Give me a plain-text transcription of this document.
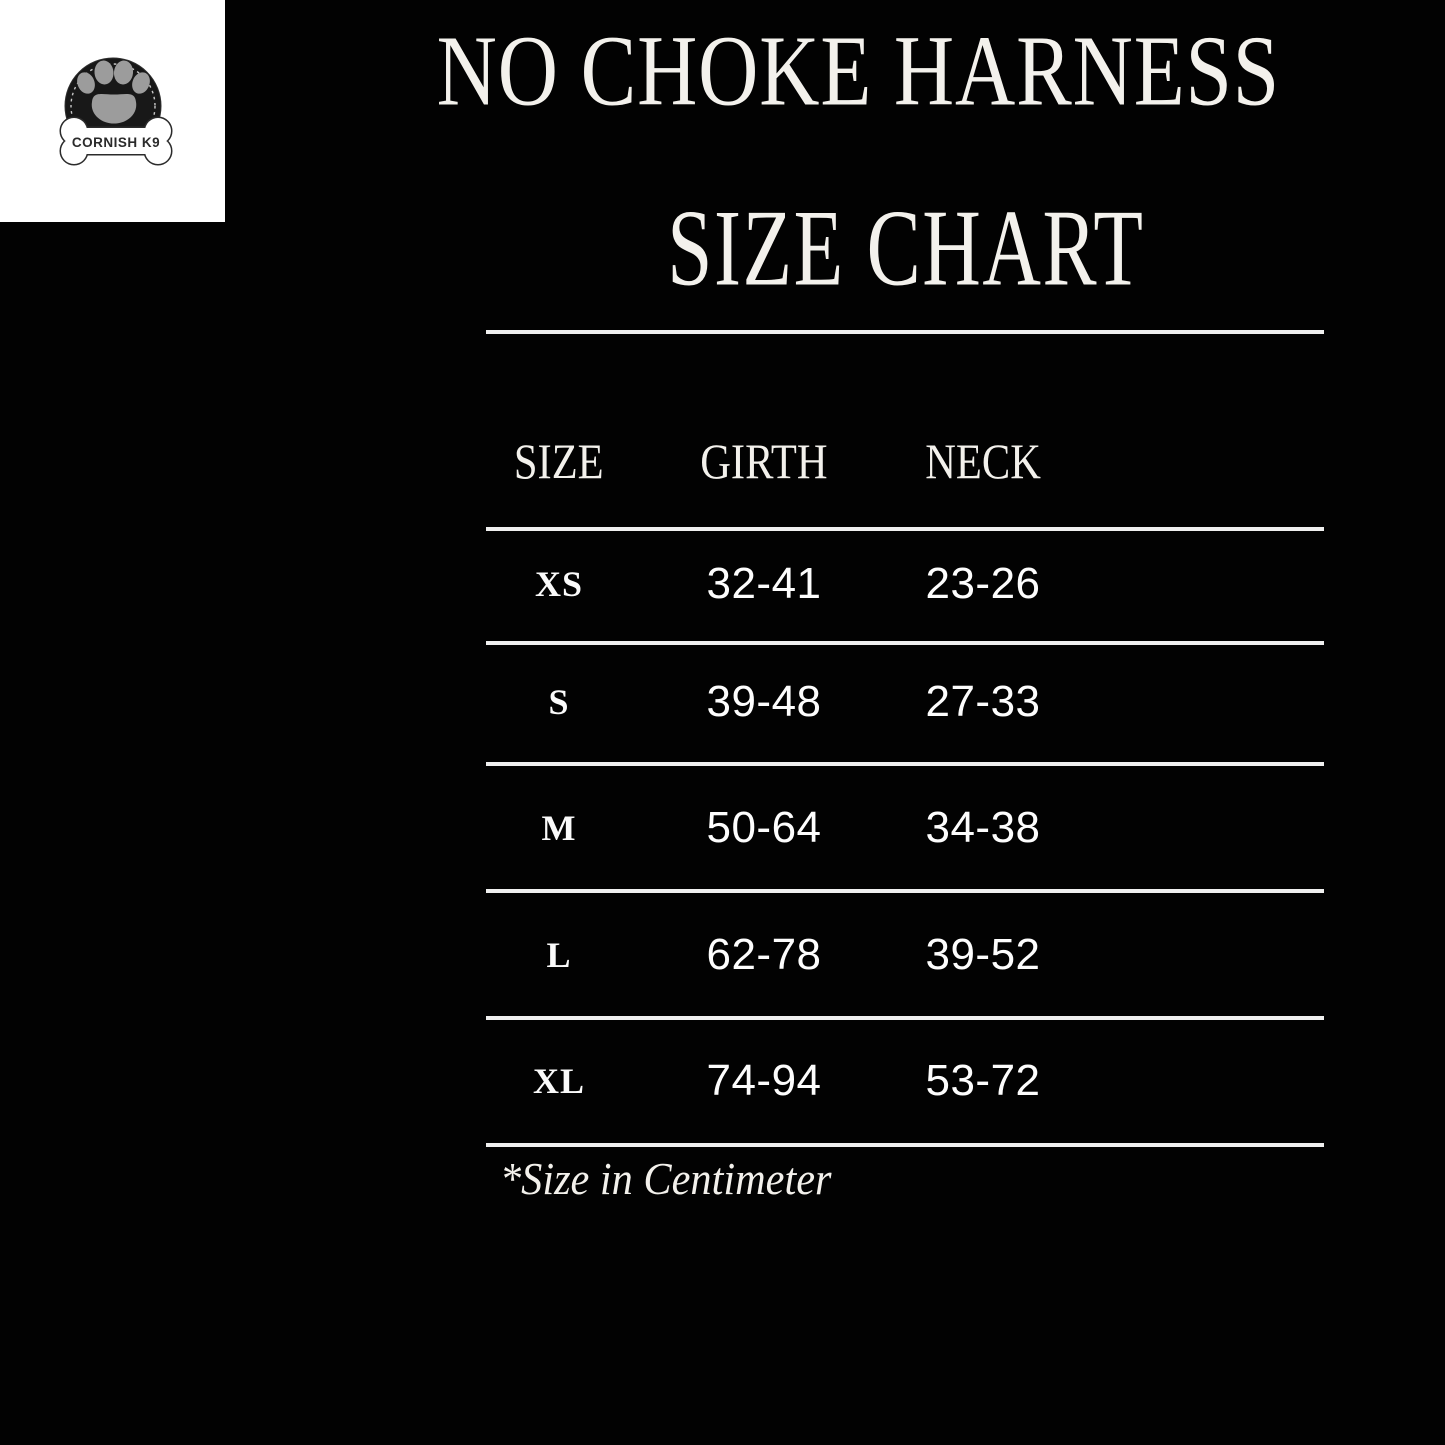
CORNISH K9
NO CHOKE HARNESS
SIZE CHART
SIZE	GIRTH	NECK
XS	32-41	23-26
S	39-48	27-33
M	50-64	34-38
L	62-78	39-52
XL	74-94	53-72
*Size in Centimeter
